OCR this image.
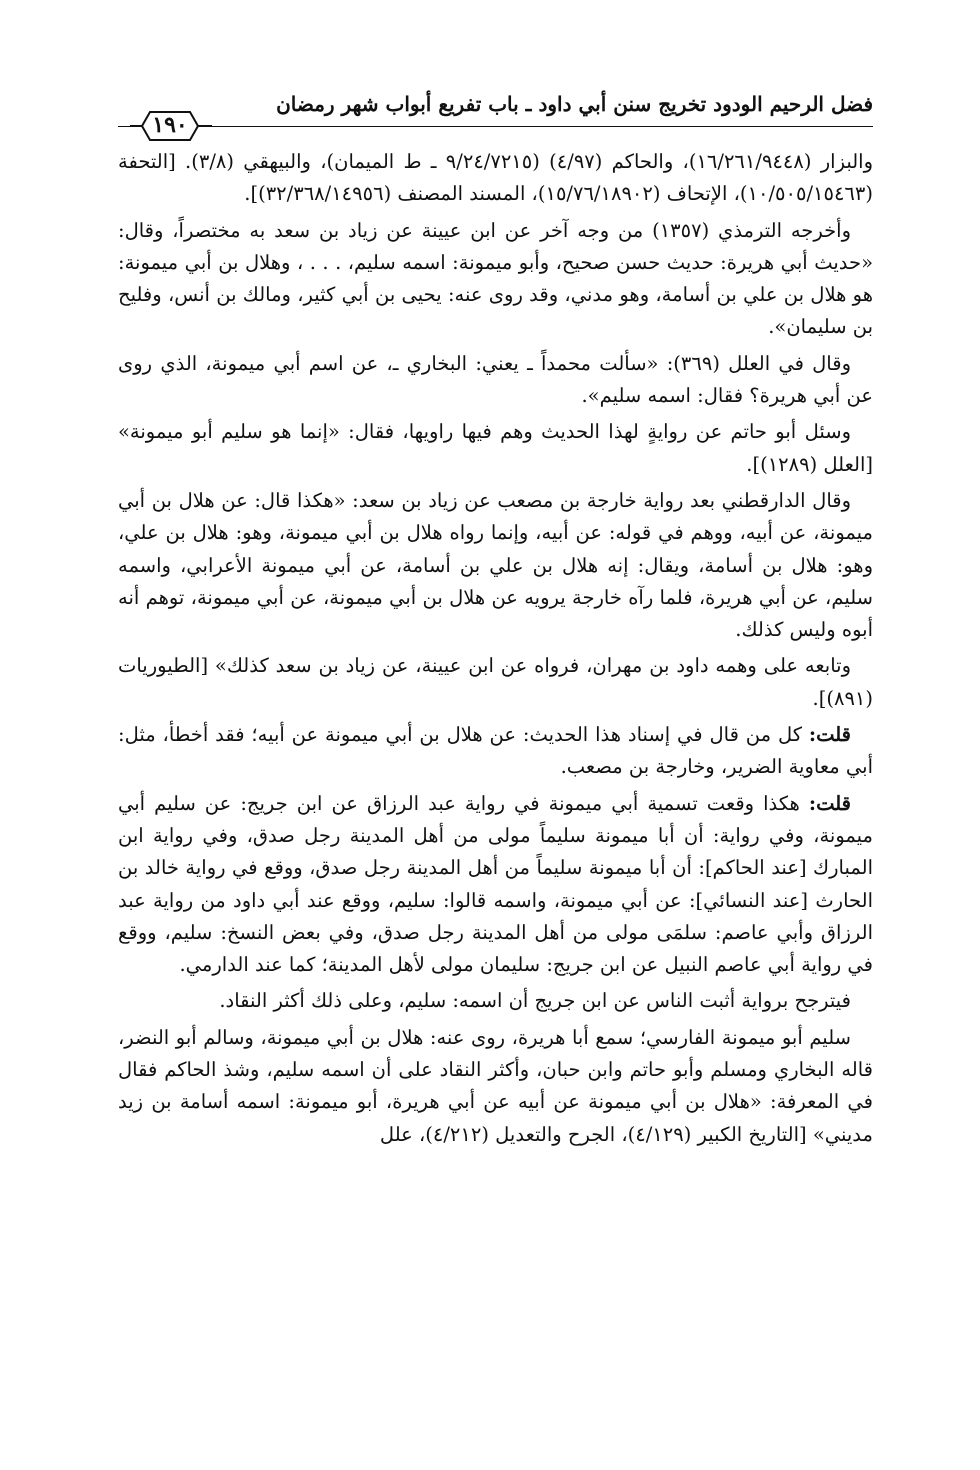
فضل الرحيم الودود تخريج سنن أبي داود ـ باب تفريع أبواب شهر رمضان
١٩٠

والبزار (١٦/٢٦١/٩٤٤٨)، والحاكم (٤/٩٧) (٩/٢٤/٧٢١٥ ـ ط الميمان)، والبيهقي (٣/٨). [التحفة (١٠/٥٠٥/١٥٤٦٣)، الإتحاف (١٥/٧٦/١٨٩٠٢)، المسند المصنف (٣٢/٣٦٨/١٤٩٥٦)].

وأخرجه الترمذي (١٣٥٧) من وجه آخر عن ابن عيينة عن زياد بن سعد به مختصراً، وقال: «حديث أبي هريرة: حديث حسن صحيح، وأبو ميمونة: اسمه سليم، . . . ، وهلال بن أبي ميمونة: هو هلال بن علي بن أسامة، وهو مدني، وقد روى عنه: يحيى بن أبي كثير، ومالك بن أنس، وفليح بن سليمان».

وقال في العلل (٣٦٩): «سألت محمداً ـ يعني: البخاري ـ، عن اسم أبي ميمونة، الذي روى عن أبي هريرة؟ فقال: اسمه سليم».

وسئل أبو حاتم عن روايةٍ لهذا الحديث وهم فيها راويها، فقال: «إنما هو سليم أبو ميمونة» [العلل (١٢٨٩)].

وقال الدارقطني بعد رواية خارجة بن مصعب عن زياد بن سعد: «هكذا قال: عن هلال بن أبي ميمونة، عن أبيه، ووهم في قوله: عن أبيه، وإنما رواه هلال بن أبي ميمونة، وهو: هلال بن علي، وهو: هلال بن أسامة، ويقال: إنه هلال بن علي بن أسامة، عن أبي ميمونة الأعرابي، واسمه سليم، عن أبي هريرة، فلما رآه خارجة يرويه عن هلال بن أبي ميمونة، عن أبي ميمونة، توهم أنه أبوه وليس كذلك.

وتابعه على وهمه داود بن مهران، فرواه عن ابن عيينة، عن زياد بن سعد كذلك» [الطيوريات (٨٩١)].

قلت: كل من قال في إسناد هذا الحديث: عن هلال بن أبي ميمونة عن أبيه؛ فقد أخطأ، مثل: أبي معاوية الضرير، وخارجة بن مصعب.

قلت: هكذا وقعت تسمية أبي ميمونة في رواية عبد الرزاق عن ابن جريج: عن سليم أبي ميمونة، وفي رواية: أن أبا ميمونة سليماً مولى من أهل المدينة رجل صدق، وفي رواية ابن المبارك [عند الحاكم]: أن أبا ميمونة سليماً من أهل المدينة رجل صدق، ووقع في رواية خالد بن الحارث [عند النسائي]: عن أبي ميمونة، واسمه قالوا: سليم، ووقع عند أبي داود من رواية عبد الرزاق وأبي عاصم: سلمَى مولى من أهل المدينة رجل صدق، وفي بعض النسخ: سليم، ووقع في رواية أبي عاصم النبيل عن ابن جريج: سليمان مولى لأهل المدينة؛ كما عند الدارمي.

فيترجح برواية أثبت الناس عن ابن جريج أن اسمه: سليم، وعلى ذلك أكثر النقاد.

سليم أبو ميمونة الفارسي؛ سمع أبا هريرة، روى عنه: هلال بن أبي ميمونة، وسالم أبو النضر، قاله البخاري ومسلم وأبو حاتم وابن حبان، وأكثر النقاد على أن اسمه سليم، وشذ الحاكم فقال في المعرفة: «هلال بن أبي ميمونة عن أبيه عن أبي هريرة، أبو ميمونة: اسمه أسامة بن زيد مديني» [التاريخ الكبير (٤/١٢٩)، الجرح والتعديل (٤/٢١٢)، علل
